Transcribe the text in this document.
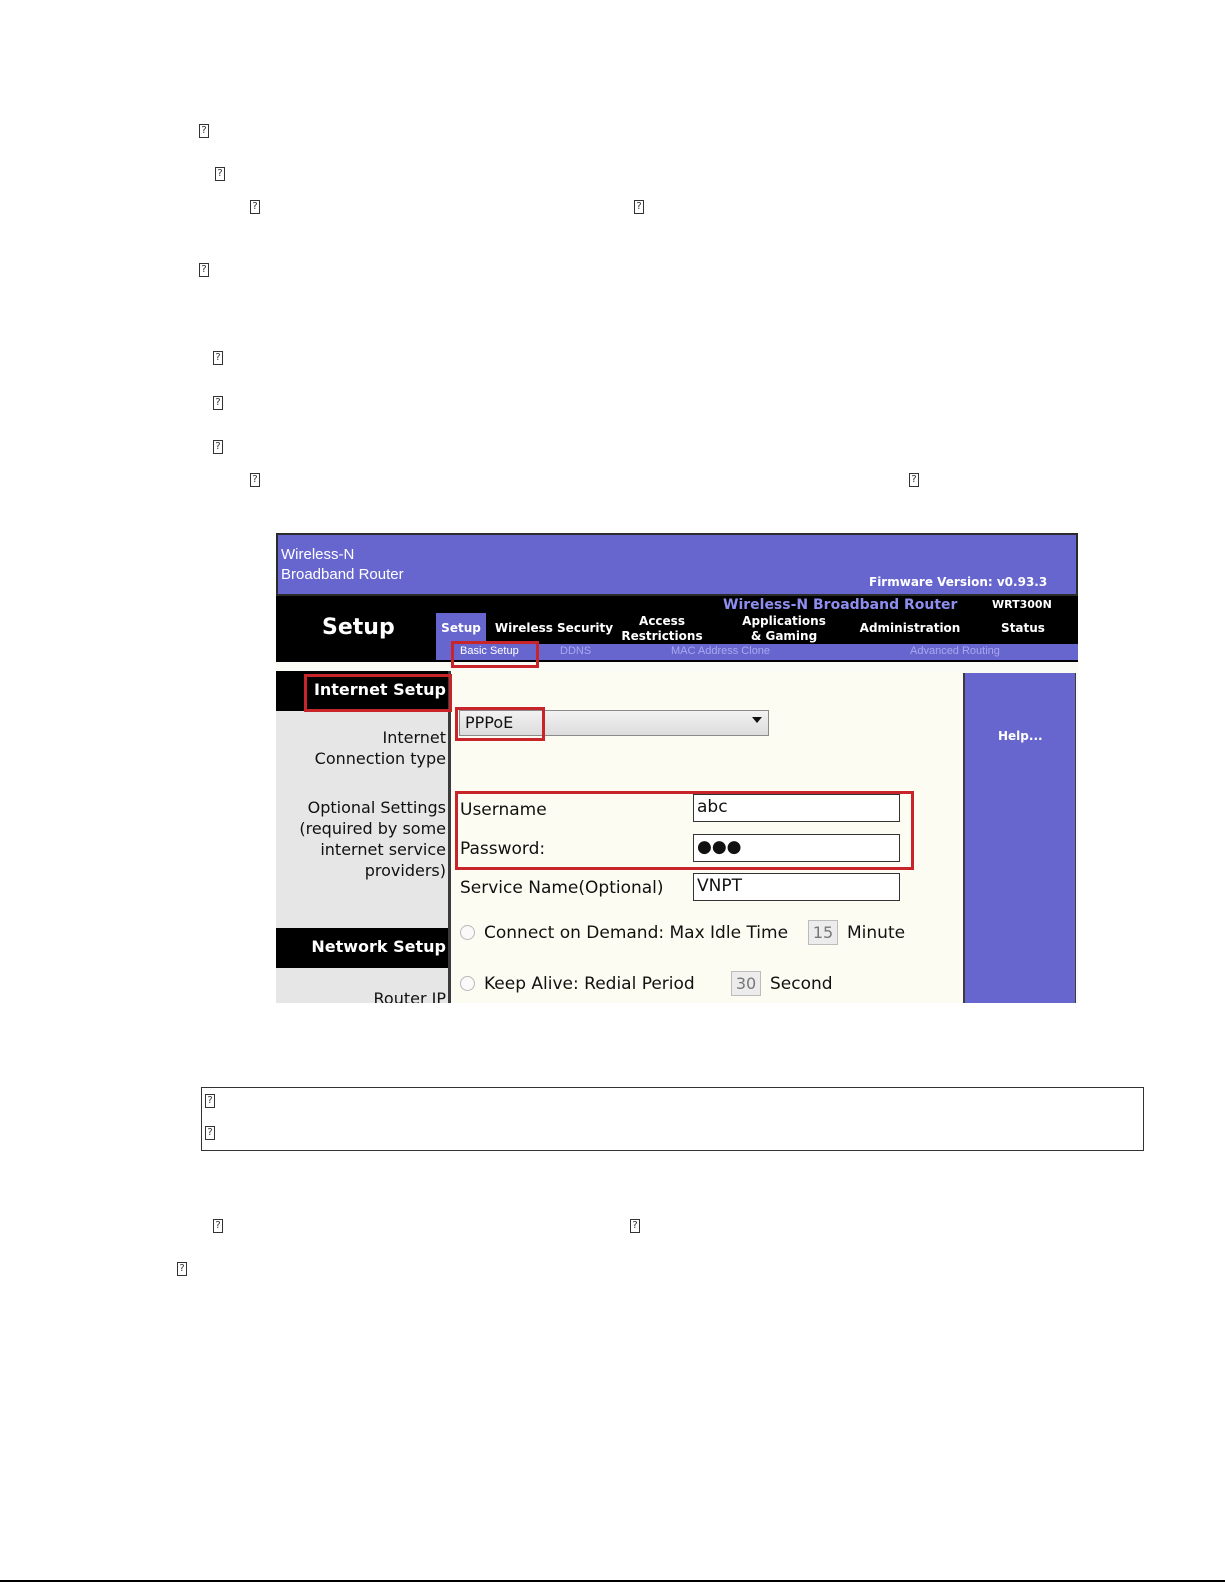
?
?
?	?
?
?
?
?
?	?
Wireless-N
Broadband Router	Firmware Version: v0.93.3
Setup
Wireless-N Broadband Router	WRT300N
Setup	Wireless Security	Access
Restrictions
Applications
& Gaming
Administration	Status
Basic Setup	DDNS	MAC Address Clone	Advanced Routing
Internet Setup
Internet
Connection type
Optional Settings
(required by some
internet service
providers)
Network Setup
Router IP
PPPoE
Username	abc
Password:	●●●
Service Name(Optional) VNPT
Connect on Demand: Max Idle Time	15 Minute
Keep Alive: Redial Period	30 Second
Help...
?
?
?	?
?
